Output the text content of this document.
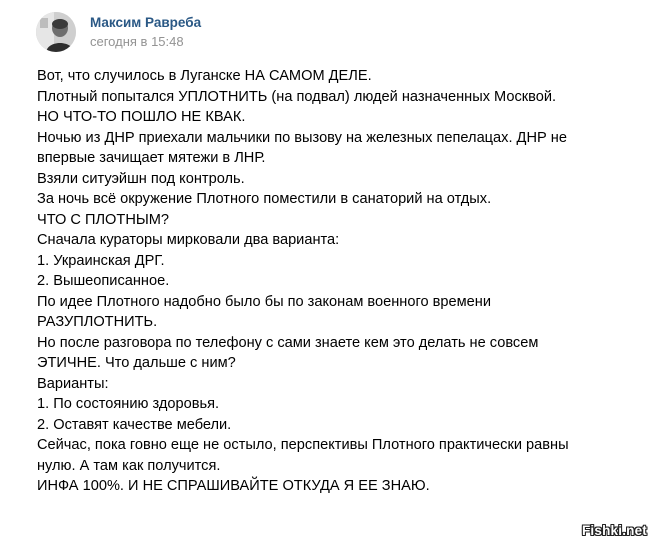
Максим Равреба
сегодня в 15:48
Вот, что случилось в Луганске НА САМОМ ДЕЛЕ.
Плотный попытался УПЛОТНИТЬ (на подвал) людей назначенных Москвой.
НО ЧТО-ТО ПОШЛО НЕ КВАК.
Ночью из ДНР приехали мальчики по вызову на железных пепелацах. ДНР не
впервые зачищает мятежи в ЛНР.
Взяли ситуэйшн под контроль.
За ночь всё окружение Плотного поместили в санаторий на отдых.
ЧТО С ПЛОТНЫМ?
Сначала кураторы мирковали два варианта:
1. Украинская ДРГ.
2. Вышеописанное.
По идее Плотного надобно было бы по законам военного времени
РАЗУПЛОТНИТЬ.
Но после разговора по телефону с сами знаете кем это делать не совсем
ЭТИЧНЕ. Что дальше с ним?
Варианты:
1. По состоянию здоровья.
2. Оставят качестве мебели.
Сейчас, пока говно еще не остыло, перспективы Плотного практически равны
нулю. А там как получится.
ИНФА 100%. И НЕ СПРАШИВАЙТЕ ОТКУДА Я ЕЕ ЗНАЮ.
Fishki.net
